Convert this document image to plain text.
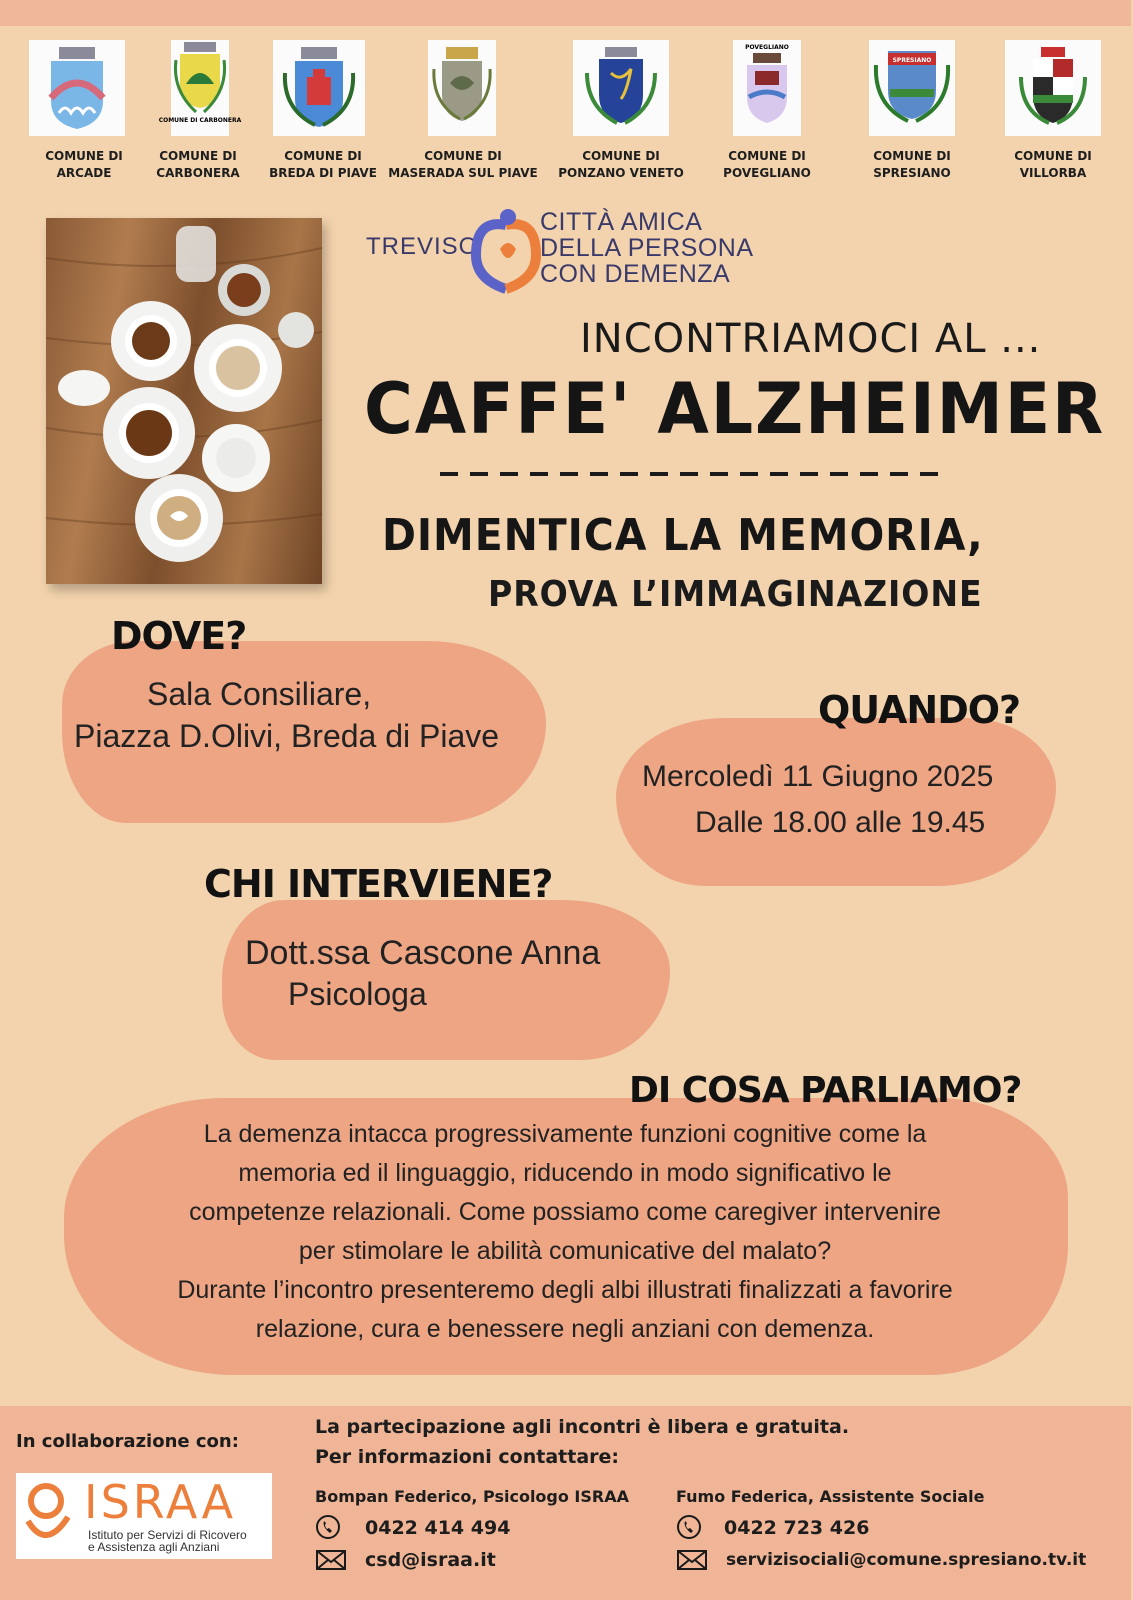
COMUNE DI CARBONERA
POVEGLIANO
SPRESIANO
COMUNE DI
ARCADE
COMUNE DI
CARBONERA
COMUNE DI
BREDA DI PIAVE
COMUNE DI
MASERADA SUL PIAVE
COMUNE DI
PONZANO VENETO
COMUNE DI
POVEGLIANO
COMUNE DI
SPRESIANO
COMUNE DI
VILLORBA
TREVISO
CITTÀ AMICA
DELLA PERSONA
CON DEMENZA
INCONTRIAMOCI AL ...
CAFFE' ALZHEIMER
DIMENTICA LA MEMORIA,
PROVA L’IMMAGINAZIONE
DOVE?
Sala Consiliare,
Piazza D.Olivi, Breda di Piave
QUANDO?
Mercoledì 11 Giugno 2025
Dalle 18.00 alle 19.45
CHI INTERVIENE?
Dott.ssa Cascone Anna
Psicologa
DI COSA PARLIAMO?
La demenza intacca progressivamente funzioni cognitive come la
memoria ed il linguaggio, riducendo in modo significativo le
competenze relazionali. Come possiamo come caregiver intervenire
per stimolare le abilità comunicative del malato?
Durante l’incontro presenteremo degli albi illustrati finalizzati a favorire
relazione, cura e benessere negli anziani con demenza.
In collaborazione con:
ISRAA
Istituto per Servizi di Ricovero
e Assistenza agli Anziani
La partecipazione agli incontri è libera e gratuita.
Per informazioni contattare:
Bompan Federico, Psicologo ISRAA
0422 414 494
csd@israa.it
Fumo Federica, Assistente Sociale
0422 723 426
servizisociali@comune.spresiano.tv.it
